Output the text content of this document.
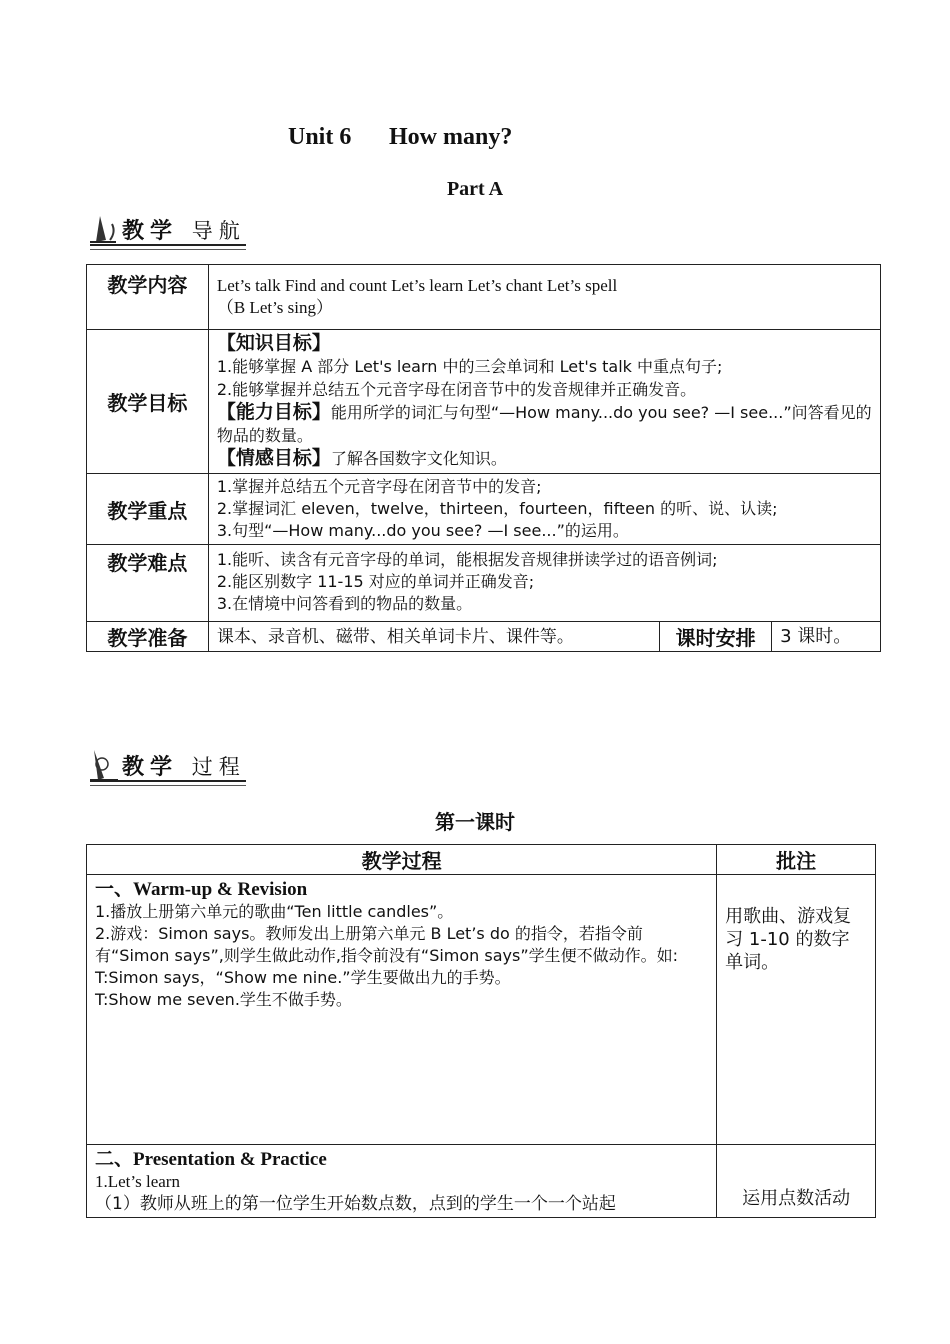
Unit 6 How many?
Part A
教学 导航
教学内容	Let’s talk Find and count Let’s learn Let’s chant Let’s spell
（B Let’s sing）		

教学目标	【知识目标】
1.能够掌握 A 部分 Let's learn 中的三会单词和 Let's talk 中重点句子;
2.能够掌握并总结五个元音字母在闭音节中的发音规律并正确发音。
【能力目标】能用所学的词汇与句型“—How many...do you see? —I see...”问答看见的物品的数量。
【情感目标】了解各国数字文化知识。		

教学重点	1.掌握并总结五个元音字母在闭音节中的发音;
2.掌握词汇 eleven，twelve，thirteen，fourteen，fifteen 的听、说、认读;
3.句型“—How many...do you see? —I see...”的运用。		

教学难点	1.能听、读含有元音字母的单词，能根据发音规律拼读学过的语音例词;
2.能区别数字 11-15 对应的单词并正确发音;
3.在情境中问答看到的物品的数量。		

教学准备	课本、录音机、磁带、相关单词卡片、课件等。	课时安排	3 课时。
教学 过程
第一课时
教学过程	批注

一、Warm-up & Revision
1.播放上册第六单元的歌曲“Ten little candles”。
2.游戏：Simon says。教师发出上册第六单元 B Let’s do 的指令，若指令前有“Simon says”,则学生做此动作,指令前没有“Simon says”学生便不做动作。如:
T:Simon says，“Show me nine.”学生要做出九的手势。
T:Show me seven.学生不做手势。	用歌曲、游戏复习 1-10 的数字单词。

二、Presentation & Practice
1.Let’s learn
（1）教师从班上的第一位学生开始数点数，点到的学生一个一个站起	运用点数活动
